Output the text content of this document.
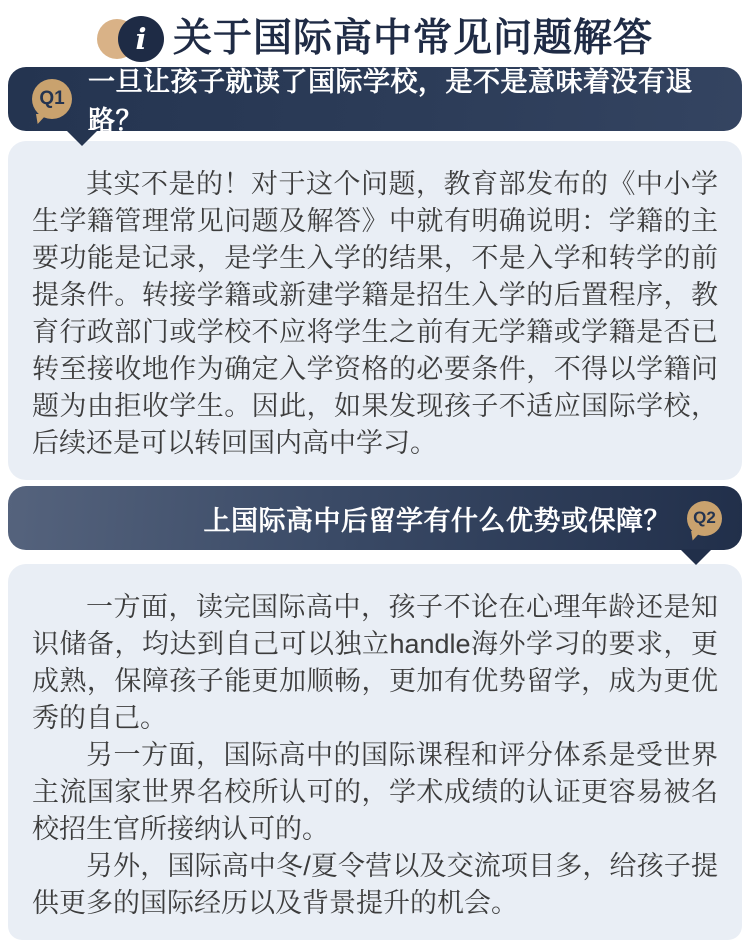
i 关于国际高中常见问题解答
Q1
一旦让孩子就读了国际学校，是不是意味着没有退路？

其实不是的！对于这个问题，教育部发布的《中小学生学籍管理常见问题及解答》中就有明确说明：学籍的主要功能是记录，是学生入学的结果，不是入学和转学的前提条件。转接学籍或新建学籍是招生入学的后置程序，教育行政部门或学校不应将学生之前有无学籍或学籍是否已转至接收地作为确定入学资格的必要条件，不得以学籍问题为由拒收学生。因此，如果发现孩子不适应国际学校，后续还是可以转回国内高中学习。

上国际高中后留学有什么优势或保障？	Q2

一方面，读完国际高中，孩子不论在心理年龄还是知识储备，均达到自己可以独立handle海外学习的要求，更成熟，保障孩子能更加顺畅，更加有优势留学，成为更优秀的自己。

另一方面，国际高中的国际课程和评分体系是受世界主流国家世界名校所认可的，学术成绩的认证更容易被名校招生官所接纳认可的。

另外，国际高中冬/夏令营以及交流项目多，给孩子提供更多的国际经历以及背景提升的机会。
